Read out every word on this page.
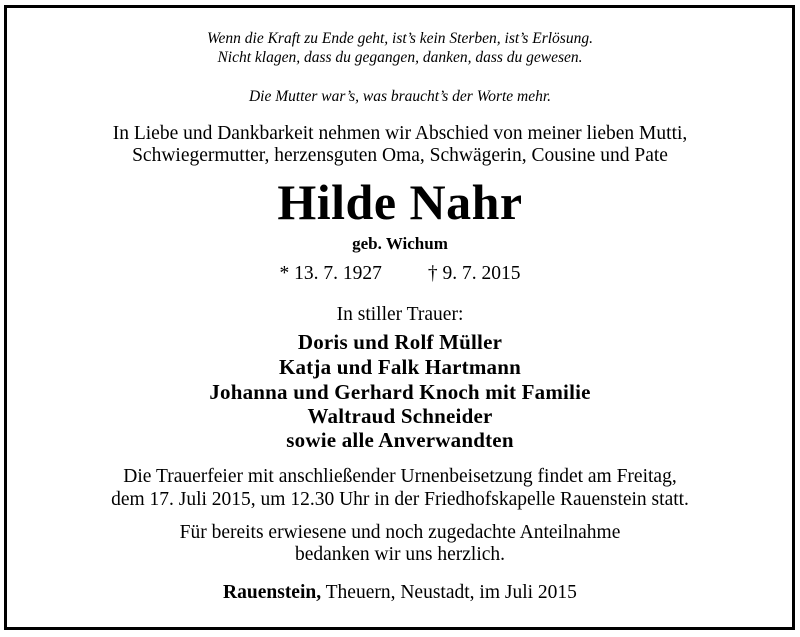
Wenn die Kraft zu Ende geht, ist’s kein Sterben, ist’s Erlösung.
Nicht klagen, dass du gegangen, danken, dass du gewesen.
Die Mutter war’s, was braucht’s der Worte mehr.
In Liebe und Dankbarkeit nehmen wir Abschied von meiner lieben Mutti,
Schwiegermutter, herzensguten Oma, Schwägerin, Cousine und Pate
Hilde Nahr
geb. Wichum
* 13. 7. 1927 † 9. 7. 2015
In stiller Trauer:
Doris und Rolf Müller
Katja und Falk Hartmann
Johanna und Gerhard Knoch mit Familie
Waltraud Schneider
sowie alle Anverwandten
Die Trauerfeier mit anschließender Urnenbeisetzung findet am Freitag,
dem 17. Juli 2015, um 12.30 Uhr in der Friedhofskapelle Rauenstein statt.
Für bereits erwiesene und noch zugedachte Anteilnahme
bedanken wir uns herzlich.
Rauenstein, Theuern, Neustadt, im Juli 2015
